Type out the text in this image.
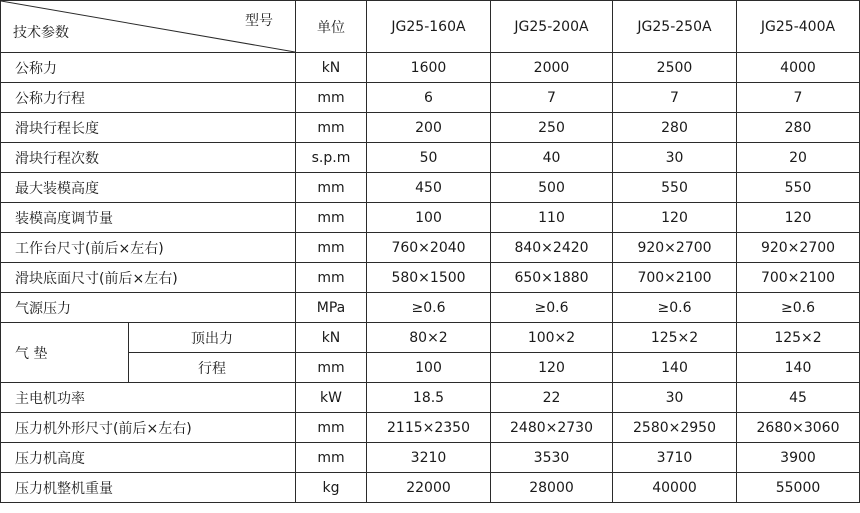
型号
技术参数		单位	JG25-160A	JG25-200A	JG25-250A	JG25-400A
公称力		kN	1600	2000	2500	4000
公称力行程		mm	6	7	7	7
滑块行程长度		mm	200	250	280	280
滑块行程次数		s.p.m	50	40	30	20
最大装模高度		mm	450	500	550	550
装模高度调节量		mm	100	110	120	120
工作台尺寸(前后×左右)		mm	760×2040	840×2420	920×2700	920×2700
滑块底面尺寸(前后×左右)		mm	580×1500	650×1880	700×2100	700×2100
气源压力		MPa	≥0.6	≥0.6	≥0.6	≥0.6
气 垫	顶出力	kN	80×2	100×2	125×2	125×2
	行程	mm	100	120	140	140
主电机功率		kW	18.5	22	30	45
压力机外形尺寸(前后×左右)		mm	2115×2350	2480×2730	2580×2950	2680×3060
压力机高度		mm	3210	3530	3710	3900
压力机整机重量		kg	22000	28000	40000	55000
